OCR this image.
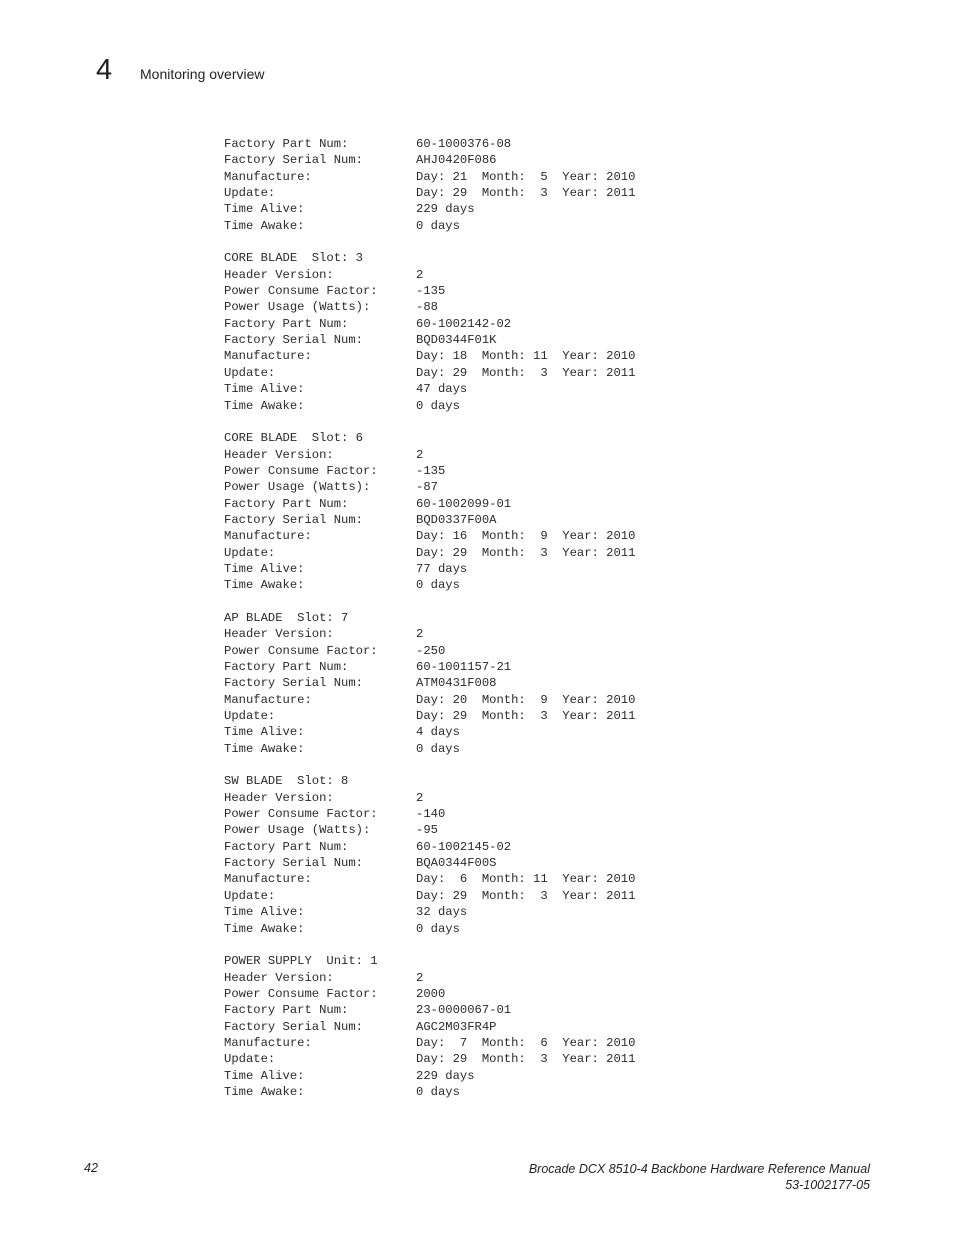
4 Monitoring overview
Factory Part Num:	60-1000376-08
Factory Serial Num:	AHJ0420F086
Manufacture:	Day: 21  Month:  5  Year: 2010
Update:	Day: 29  Month:  3  Year: 2011
Time Alive:	229 days
Time Awake:	0 days
CORE BLADE  Slot: 3
Header Version:	2
Power Consume Factor:	-135
Power Usage (Watts):	-88
Factory Part Num:	60-1002142-02
Factory Serial Num:	BQD0344F01K
Manufacture:	Day: 18  Month: 11  Year: 2010
Update:	Day: 29  Month:  3  Year: 2011
Time Alive:	47 days
Time Awake:	0 days
CORE BLADE  Slot: 6
Header Version:	2
Power Consume Factor:	-135
Power Usage (Watts):	-87
Factory Part Num:	60-1002099-01
Factory Serial Num:	BQD0337F00A
Manufacture:	Day: 16  Month:  9  Year: 2010
Update:	Day: 29  Month:  3  Year: 2011
Time Alive:	77 days
Time Awake:	0 days
AP BLADE  Slot: 7
Header Version:	2
Power Consume Factor:	-250
Factory Part Num:	60-1001157-21
Factory Serial Num:	ATM0431F008
Manufacture:	Day: 20  Month:  9  Year: 2010
Update:	Day: 29  Month:  3  Year: 2011
Time Alive:	4 days
Time Awake:	0 days
SW BLADE  Slot: 8
Header Version:	2
Power Consume Factor:	-140
Power Usage (Watts):	-95
Factory Part Num:	60-1002145-02
Factory Serial Num:	BQA0344F00S
Manufacture:	Day:  6  Month: 11  Year: 2010
Update:	Day: 29  Month:  3  Year: 2011
Time Alive:	32 days
Time Awake:	0 days
POWER SUPPLY  Unit: 1
Header Version:	2
Power Consume Factor:	2000
Factory Part Num:	23-0000067-01
Factory Serial Num:	AGC2M03FR4P
Manufacture:	Day:  7  Month:  6  Year: 2010
Update:	Day: 29  Month:  3  Year: 2011
Time Alive:	229 days
Time Awake:	0 days
42	Brocade DCX 8510-4 Backbone Hardware Reference Manual
53-1002177-05
